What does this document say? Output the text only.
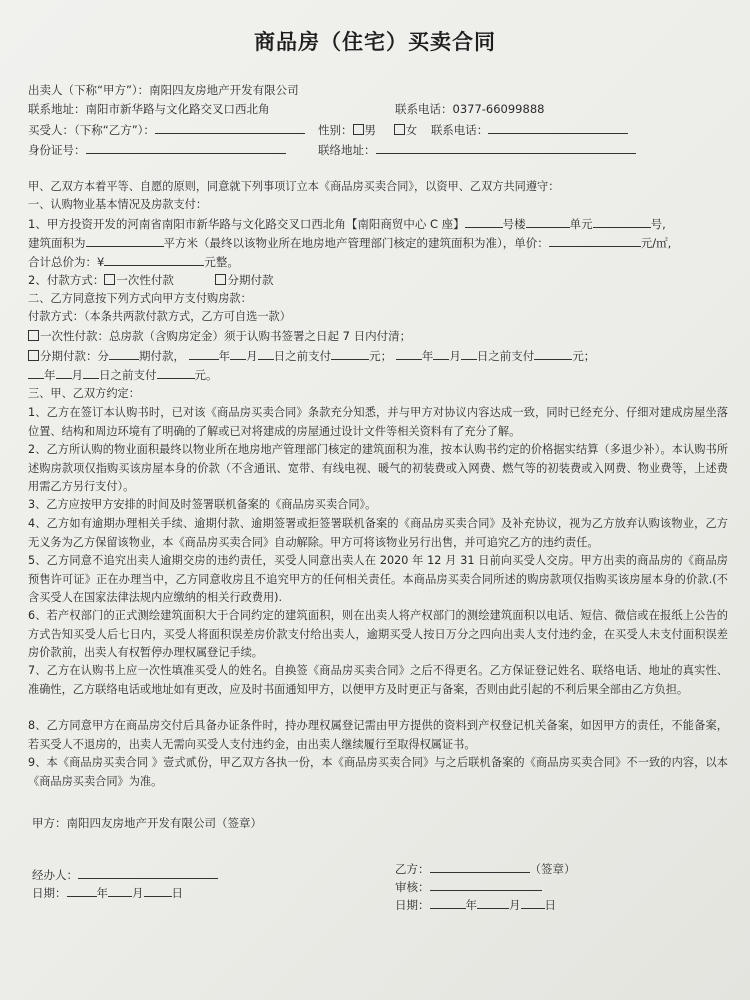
商品房（住宅）买卖合同
出卖人（下称“甲方”）：南阳四友房地产开发有限公司
联系地址：南阳市新华路与文化路交叉口西北角	联系电话：0377-66099888
买受人：（下称“乙方”）：	性别： 男	女 联系电话：
身份证号：	联络地址：
甲、乙双方本着平等、自愿的原则，同意就下列事项订立本《商品房买卖合同》，以资甲、乙双方共同遵守：
一、认购物业基本情况及房款支付：
1、甲方投资开发的河南省南阳市新华路与文化路交叉口西北角【南阳商贸中心 C 座】	号楼	单元	号,
建筑面积为	平方米（最终以该物业所在地房地产管理部门核定的建筑面积为准），单价：	元/㎡,
合计总价为：¥	元整。
2、付款方式： 一次性付款	分期付款
二、乙方同意按下列方式向甲方支付购房款：
付款方式：（本条共两款付款方式，乙方可自选一款）
一次性付款：总房款（含购房定金）须于认购书签署之日起 7 日内付清；
分期付款：分	期付款，	年 月 日之前支付	元；	年 月 日之前支付	元；
年 月 日之前支付	元。
三、甲、乙双方约定：
1、乙方在签订本认购书时，已对该《商品房买卖合同》条款充分知悉，并与甲方对协议内容达成一致，同时已经充分、仔细对建成房屋坐落位置、结构和周边环境有了明确的了解或已对将建成的房屋通过设计文件等相关资料有了充分了解。
2、乙方所认购的物业面积最终以物业所在地房地产管理部门核定的建筑面积为准，按本认购书约定的价格据实结算（多退少补）。本认购书所述购房款项仅指购买该房屋本身的价款（不含通讯、宽带、有线电视、暖气的初装费或入网费、燃气等的初装费或入网费、物业费等，上述费用需乙方另行支付）。
3、乙方应按甲方安排的时间及时签署联机备案的《商品房买卖合同》。
4、乙方如有逾期办理相关手续、逾期付款、逾期签署或拒签署联机备案的《商品房买卖合同》及补充协议，视为乙方放弃认购该物业，乙方无义务为乙方保留该物业，本《商品房买卖合同》自动解除。甲方可将该物业另行出售，并可追究乙方的违约责任。
5、乙方同意不追究出卖人逾期交房的违约责任，买受人同意出卖人在 2020 年 12 月 31 日前向买受人交房。甲方出卖的商品房的《商品房预售许可证》正在办理当中，乙方同意收房且不追究甲方的任何相关责任。本商品房买卖合同所述的购房款项仅指购买该房屋本身的价款.(不含买受人在国家法律法规内应缴纳的相关行政费用).
6、若产权部门的正式测绘建筑面积大于合同约定的建筑面积，则在出卖人将产权部门的测绘建筑面积以电话、短信、微信或在报纸上公告的方式告知买受人后七日内，买受人将面积误差房价款支付给出卖人，逾期买受人按日万分之四向出卖人支付违约金，在买受人未支付面积误差房价款前，出卖人有权暂停办理权属登记手续。
7、乙方在认购书上应一次性填准买受人的姓名。自换签《商品房买卖合同》之后不得更名。乙方保证登记姓名、联络电话、地址的真实性、准确性，乙方联络电话或地址如有更改，应及时书面通知甲方，以便甲方及时更正与备案，否则由此引起的不利后果全部由乙方负担。
8、乙方同意甲方在商品房交付后具备办证条件时，持办理权属登记需由甲方提供的资料到产权登记机关备案，如因甲方的责任，不能备案，若买受人不退房的，出卖人无需向买受人支付违约金，由出卖人继续履行至取得权属证书。
9、本《商品房买卖合同 》壹式贰份，甲乙双方各执一份，本《商品房买卖合同》与之后联机备案的《商品房买卖合同》不一致的内容，以本《商品房买卖合同》为准。
甲方：南阳四友房地产开发有限公司（签章）
经办人：
日期：	年 月 日
乙方：	（签章）
审核：
日期：	年	月 日
